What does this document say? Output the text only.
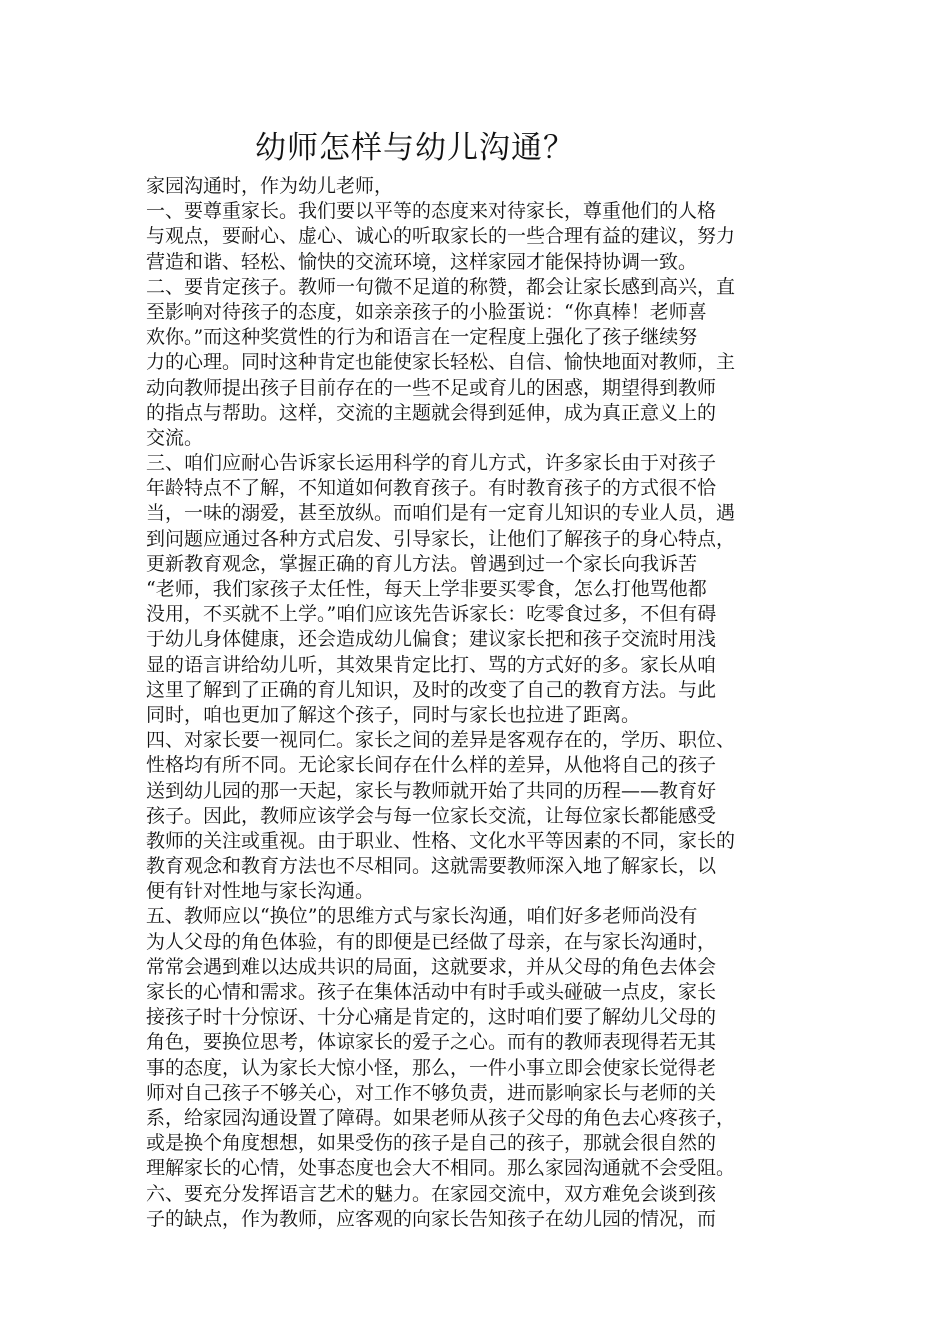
幼师怎样与幼儿沟通？
家园沟通时，作为幼儿老师，
一、要尊重家长。我们要以平等的态度来对待家长，尊重他们的人格
与观点，要耐心、虚心、诚心的听取家长的一些合理有益的建议，努力
营造和谐、轻松、愉快的交流环境，这样家园才能保持协调一致。
二、要肯定孩子。教师一句微不足道的称赞，都会让家长感到高兴，直
至影响对待孩子的态度，如亲亲孩子的小脸蛋说：“你真棒！老师喜
欢你。”而这种奖赏性的行为和语言在一定程度上强化了孩子继续努
力的心理。同时这种肯定也能使家长轻松、自信、愉快地面对教师，主
动向教师提出孩子目前存在的一些不足或育儿的困惑，期望得到教师
的指点与帮助。这样，交流的主题就会得到延伸，成为真正意义上的
交流。
三、咱们应耐心告诉家长运用科学的育儿方式，许多家长由于对孩子
年龄特点不了解，不知道如何教育孩子。有时教育孩子的方式很不恰
当，一味的溺爱，甚至放纵。而咱们是有一定育儿知识的专业人员，遇
到问题应通过各种方式启发、引导家长，让他们了解孩子的身心特点，
更新教育观念，掌握正确的育儿方法。曾遇到过一个家长向我诉苦
“老师，我们家孩子太任性，每天上学非要买零食，怎么打他骂他都
没用，不买就不上学。”咱们应该先告诉家长：吃零食过多，不但有碍
于幼儿身体健康，还会造成幼儿偏食；建议家长把和孩子交流时用浅
显的语言讲给幼儿听，其效果肯定比打、骂的方式好的多。家长从咱
这里了解到了正确的育儿知识，及时的改变了自己的教育方法。与此
同时，咱也更加了解这个孩子，同时与家长也拉进了距离。
四、对家长要一视同仁。家长之间的差异是客观存在的，学历、职位、
性格均有所不同。无论家长间存在什么样的差异，从他将自己的孩子
送到幼儿园的那一天起，家长与教师就开始了共同的历程——教育好
孩子。因此，教师应该学会与每一位家长交流，让每位家长都能感受
教师的关注或重视。由于职业、性格、文化水平等因素的不同，家长的
教育观念和教育方法也不尽相同。这就需要教师深入地了解家长，以
便有针对性地与家长沟通。
五、教师应以“换位”的思维方式与家长沟通，咱们好多老师尚没有
为人父母的角色体验，有的即便是已经做了母亲，在与家长沟通时，
常常会遇到难以达成共识的局面，这就要求，并从父母的角色去体会
家长的心情和需求。孩子在集体活动中有时手或头碰破一点皮，家长
接孩子时十分惊讶、十分心痛是肯定的，这时咱们要了解幼儿父母的
角色，要换位思考，体谅家长的爱子之心。而有的教师表现得若无其
事的态度，认为家长大惊小怪，那么，一件小事立即会使家长觉得老
师对自己孩子不够关心，对工作不够负责，进而影响家长与老师的关
系，给家园沟通设置了障碍。如果老师从孩子父母的角色去心疼孩子，
或是换个角度想想，如果受伤的孩子是自己的孩子，那就会很自然的
理解家长的心情，处事态度也会大不相同。那么家园沟通就不会受阻。
六、要充分发挥语言艺术的魅力。在家园交流中，双方难免会谈到孩
子的缺点，作为教师，应客观的向家长告知孩子在幼儿园的情况，而
